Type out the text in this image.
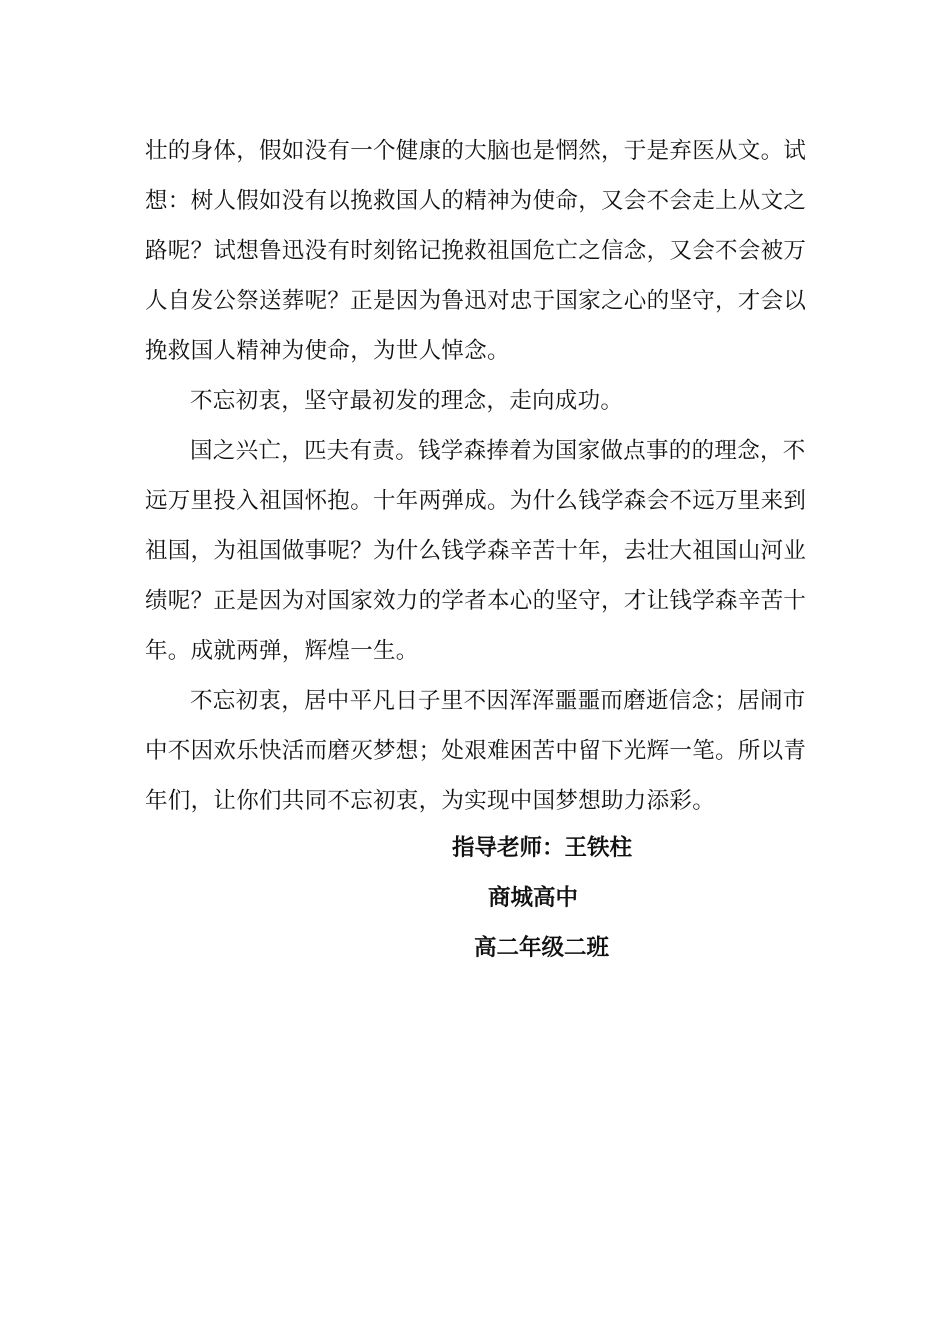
壮的身体，假如没有一个健康的大脑也是惘然，于是弃医从文。试
想：树人假如没有以挽救国人的精神为使命，又会不会走上从文之
路呢？试想鲁迅没有时刻铭记挽救祖国危亡之信念，又会不会被万
人自发公祭送葬呢？正是因为鲁迅对忠于国家之心的坚守，才会以
挽救国人精神为使命，为世人悼念。
不忘初衷，坚守最初发的理念，走向成功。
国之兴亡，匹夫有责。钱学森捧着为国家做点事的的理念，不
远万里投入祖国怀抱。十年两弹成。为什么钱学森会不远万里来到
祖国，为祖国做事呢？为什么钱学森辛苦十年，去壮大祖国山河业
绩呢？正是因为对国家效力的学者本心的坚守，才让钱学森辛苦十
年。成就两弹，辉煌一生。
不忘初衷，居中平凡日子里不因浑浑噩噩而磨逝信念；居闹市
中不因欢乐快活而磨灭梦想；处艰难困苦中留下光辉一笔。所以青
年们，让你们共同不忘初衷，为实现中国梦想助力添彩。
指导老师：王铁柱
商城高中
高二年级二班
